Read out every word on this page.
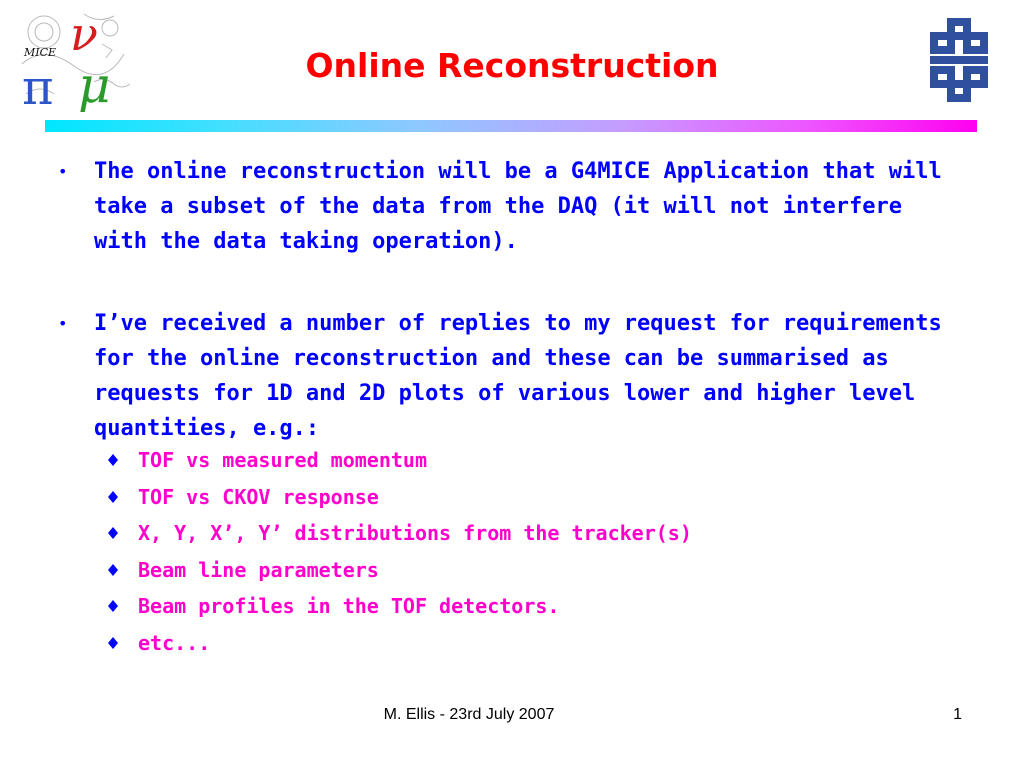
MICE
π
ν
μ	Online Reconstruction
• The online reconstruction will be a G4MICE Application that will take a subset of the data from the DAQ (it will not interfere with the data taking operation).
• I’ve received a number of replies to my request for requirements for the online reconstruction and these can be summarised as requests for 1D and 2D plots of various lower and higher level quantities, e.g.:
TOF vs measured momentum
TOF vs CKOV response
X, Y, X’, Y’ distributions from the tracker(s)
Beam line parameters
Beam profiles in the TOF detectors.
etc...
M. Ellis - 23rd July 2007	1
